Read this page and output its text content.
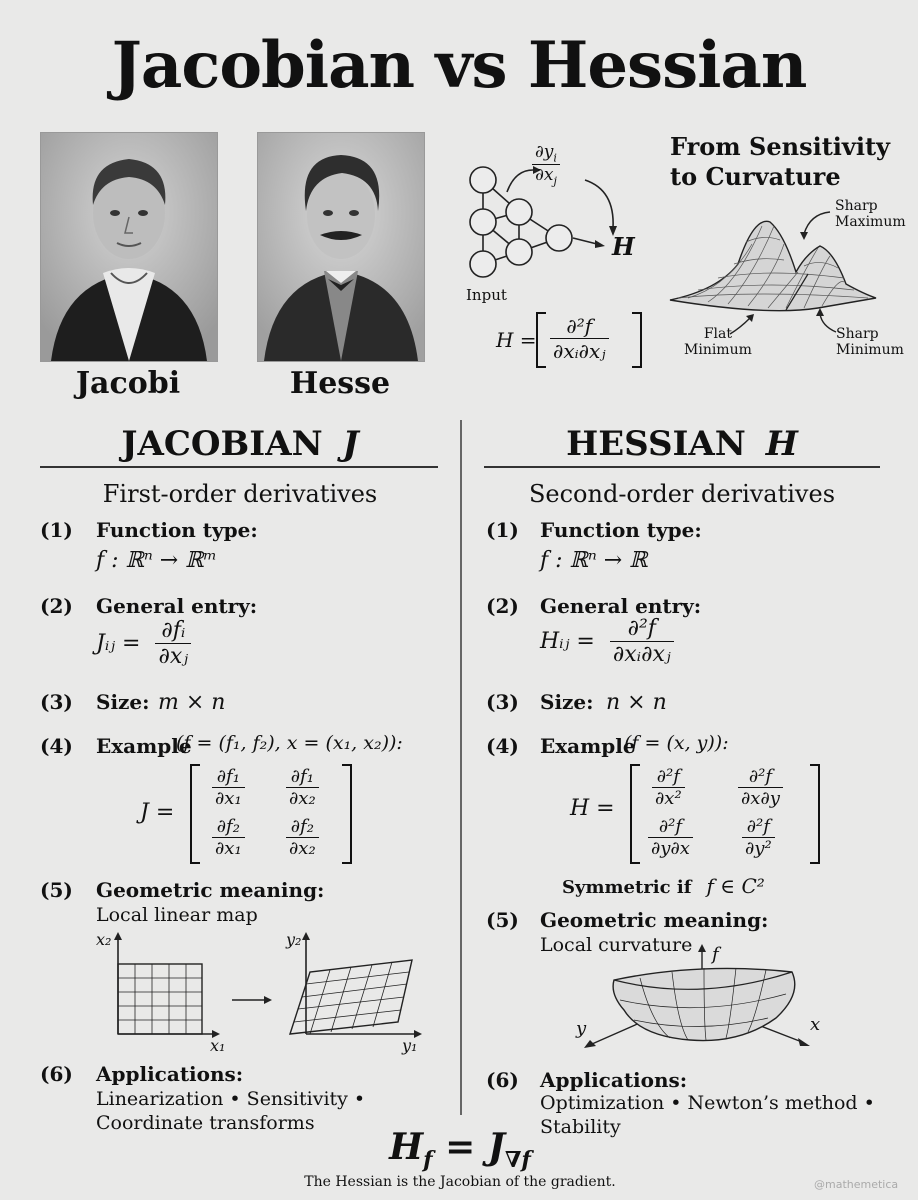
Jacobian vs Hessian
Jacobi	Hesse
From Sensitivity
to Curvature
Input
$\frac{\partial y_i}{\partial x_j}$
H
$H = \frac{\text{∂²f}}{\text{∂xᵢ∂xⱼ}}$
Sharp
Maximum
Flat
Minimum
Sharp
Minimum
JACOBIAN J
First-order derivatives
(1) Function type:
f : ℝⁿ → ℝᵐ
(2) General entry:
Jᵢⱼ = $\frac{\text{∂fᵢ}}{\text{∂xⱼ}}$
(3) Size: m × n
(4) Example
(f = (f₁, f₂), x = (x₁, x₂)):
J =
$\frac{\text{∂f₁}}{\text{∂x₁}} \frac{\text{∂f₁}}{\text{∂x₂}}$
$\frac{\text{∂f₂}}{\text{∂x₁}} \frac{\text{∂f₂}}{\text{∂x₂}}$
(5) Geometric meaning:
Local linear map
x₂
x₁
y₂
y₁
(6) Applications:
Linearization • Sensitivity •
Coordinate transforms
HESSIAN H
Second-order derivatives
(1) Function type:
f : ℝⁿ → ℝ
(2) General entry:
Hᵢⱼ = $\frac{\text{∂²f}}{\text{∂xᵢ∂xⱼ}}$
(3) Size: n × n
(4) Example
(f = (x, y)):
$H = \frac{\text{∂²f}}{\text{∂x²}}$	$\frac{\text{∂²f}}{\partial x\partial y}$
$\frac{\text{∂²f}}{\partial y\partial x}$	$\frac{\text{∂²f}}{\text{∂y²}}$
Symmetric if f ∈ C²
(5) Geometric meaning:
Local curvature f
y	x
(6) Applications:
Optimization • Newton’s method •
Stability
$H_f = J_{\nabla f}$
The Hessian is the Jacobian of the gradient.	@mathemetica
